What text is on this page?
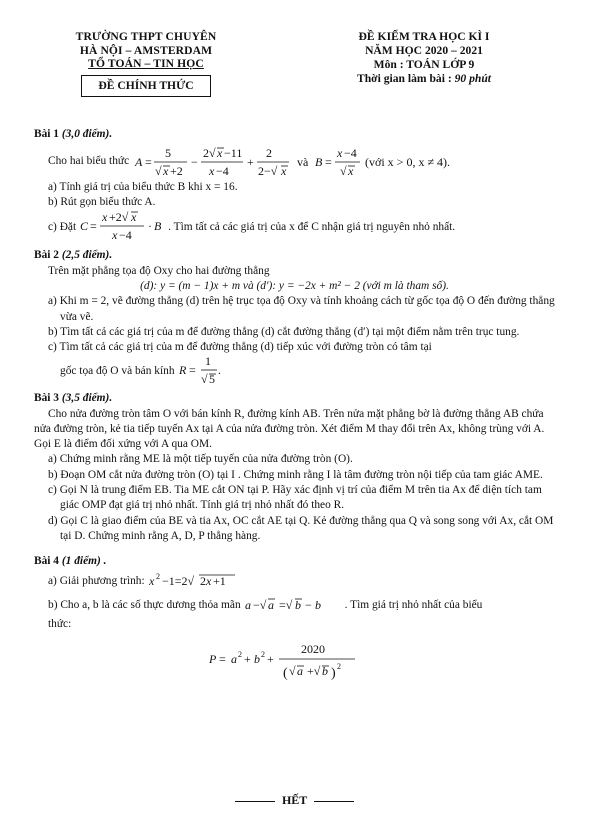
TRƯỜNG THPT CHUYÊN
HÀ NỘI – AMSTERDAM
TỔ TOÁN – TIN HỌC
ĐỀ CHÍNH THỨC
ĐỀ KIỂM TRA HỌC KÌ I
NĂM HỌC 2020 – 2021
Môn : TOÁN LỚP 9
Thời gian làm bài : 90 phút
Bài 1 (3,0 điểm).
Cho hai biểu thức A =
5
√ x +2
−
2√ x −11
x −4
+
2
2−√ x
và B =
x −4
√ x
(với x > 0, x ≠ 4).
a) Tính giá trị của biểu thức B khi x = 16.
b) Rút gọn biểu thức A.
c) Đặt C =
x +2√ x
x −4
· B . Tìm tất cả các giá trị của x để C nhận giá trị nguyên nhỏ nhất.
Bài 2 (2,5 điểm).
Trên mặt phẳng tọa độ Oxy cho hai đường thẳng
(d): y = (m − 1)x + m và (d′): y = −2x + m² − 2 (với m là tham số).
a) Khi m = 2, vẽ đường thẳng (d) trên hệ trục tọa độ Oxy và tính khoảng cách từ gốc tọa độ O đến đường thẳng vừa vẽ.
b) Tìm tất cả các giá trị của m để đường thẳng (d) cắt đường thẳng (d′) tại một điểm nằm trên trục tung.
c) Tìm tất cả các giá trị của m để đường thẳng (d) tiếp xúc với đường tròn có tâm tại
gốc tọa độ O và bán kính R =
1
√ 5
.
Bài 3 (3,5 điểm).
Cho nửa đường tròn tâm O với bán kính R, đường kính AB. Trên nửa mặt phẳng bờ là đường thẳng AB chứa nửa đường tròn, kẻ tia tiếp tuyến Ax tại A của nửa đường tròn. Xét điểm M thay đổi trên Ax, không trùng với A. Gọi E là điểm đối xứng với A qua OM.
a) Chứng minh rằng ME là một tiếp tuyến của nửa đường tròn (O).
b) Đoạn OM cắt nửa đường tròn (O) tại I . Chứng minh rằng I là tâm đường tròn nội tiếp của tam giác AME.
c) Gọi N là trung điểm EB. Tia ME cắt ON tại P. Hãy xác định vị trí của điểm M trên tia Ax để diện tích tam giác OMP đạt giá trị nhỏ nhất. Tính giá trị nhỏ nhất đó theo R.
d) Gọi C là giao điểm của BE và tia Ax, OC cắt AE tại Q. Kẻ đường thẳng qua Q và song song với Ax, cắt OM tại D. Chứng minh rằng A, D, P thẳng hàng.
Bài 4 (1 điểm) .
a) Giải phương trình: x 2 −1=2√ 2 x +1
b) Cho a, b là các số thực dương thỏa mãn a −√ a =√ b − b . Tìm giá trị nhỏ nhất của biểu
thức:
P = a 2 + b 2 +
2020
( √ a +√ b ) 2
HẾT
